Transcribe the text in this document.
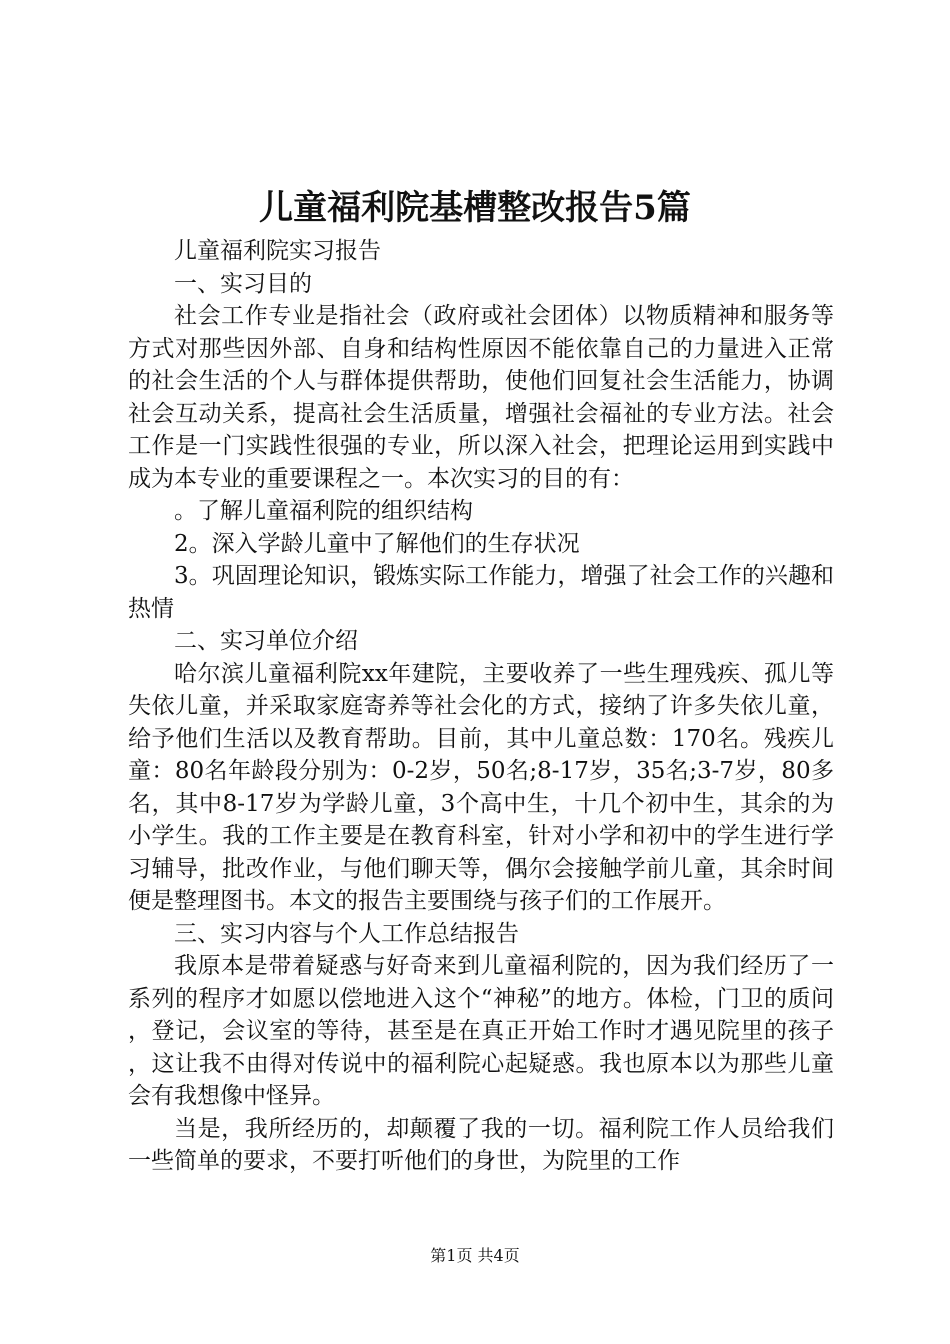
儿童福利院基槽整改报告5篇

儿童福利院实习报告

一、实习目的

社会工作专业是指社会（政府或社会团体）以物质精神和服务等方式对那些因外部、自身和结构性原因不能依靠自己的力量进入正常的社会生活的个人与群体提供帮助，使他们回复社会生活能力，协调社会互动关系，提高社会生活质量，增强社会福祉的专业方法。社会工作是一门实践性很强的专业，所以深入社会，把理论运用到实践中成为本专业的重要课程之一。本次实习的目的有：

。了解儿童福利院的组织结构

2。深入学龄儿童中了解他们的生存状况

3。巩固理论知识，锻炼实际工作能力，增强了社会工作的兴趣和热情

二、实习单位介绍

哈尔滨儿童福利院xx年建院，主要收养了一些生理残疾、孤儿等失依儿童，并采取家庭寄养等社会化的方式，接纳了许多失依儿童，给予他们生活以及教育帮助。目前，其中儿童总数：170名。残疾儿童：80名年龄段分别为：0-2岁，50名;8-17岁，35名;3-7岁，80多名，其中8-17岁为学龄儿童，3个高中生，十几个初中生，其余的为小学生。我的工作主要是在教育科室，针对小学和初中的学生进行学习辅导，批改作业，与他们聊天等，偶尔会接触学前儿童，其余时间便是整理图书。本文的报告主要围绕与孩子们的工作展开。

三、实习内容与个人工作总结报告

我原本是带着疑惑与好奇来到儿童福利院的，因为我们经历了一系列的程序才如愿以偿地进入这个“神秘”的地方。体检，门卫的质问，登记，会议室的等待，甚至是在真正开始工作时才遇见院里的孩子，这让我不由得对传说中的福利院心起疑惑。我也原本以为那些儿童会有我想像中怪异。

当是，我所经历的，却颠覆了我的一切。福利院工作人员给我们一些简单的要求，不要打听他们的身世，为院里的工作

第1页 共4页
